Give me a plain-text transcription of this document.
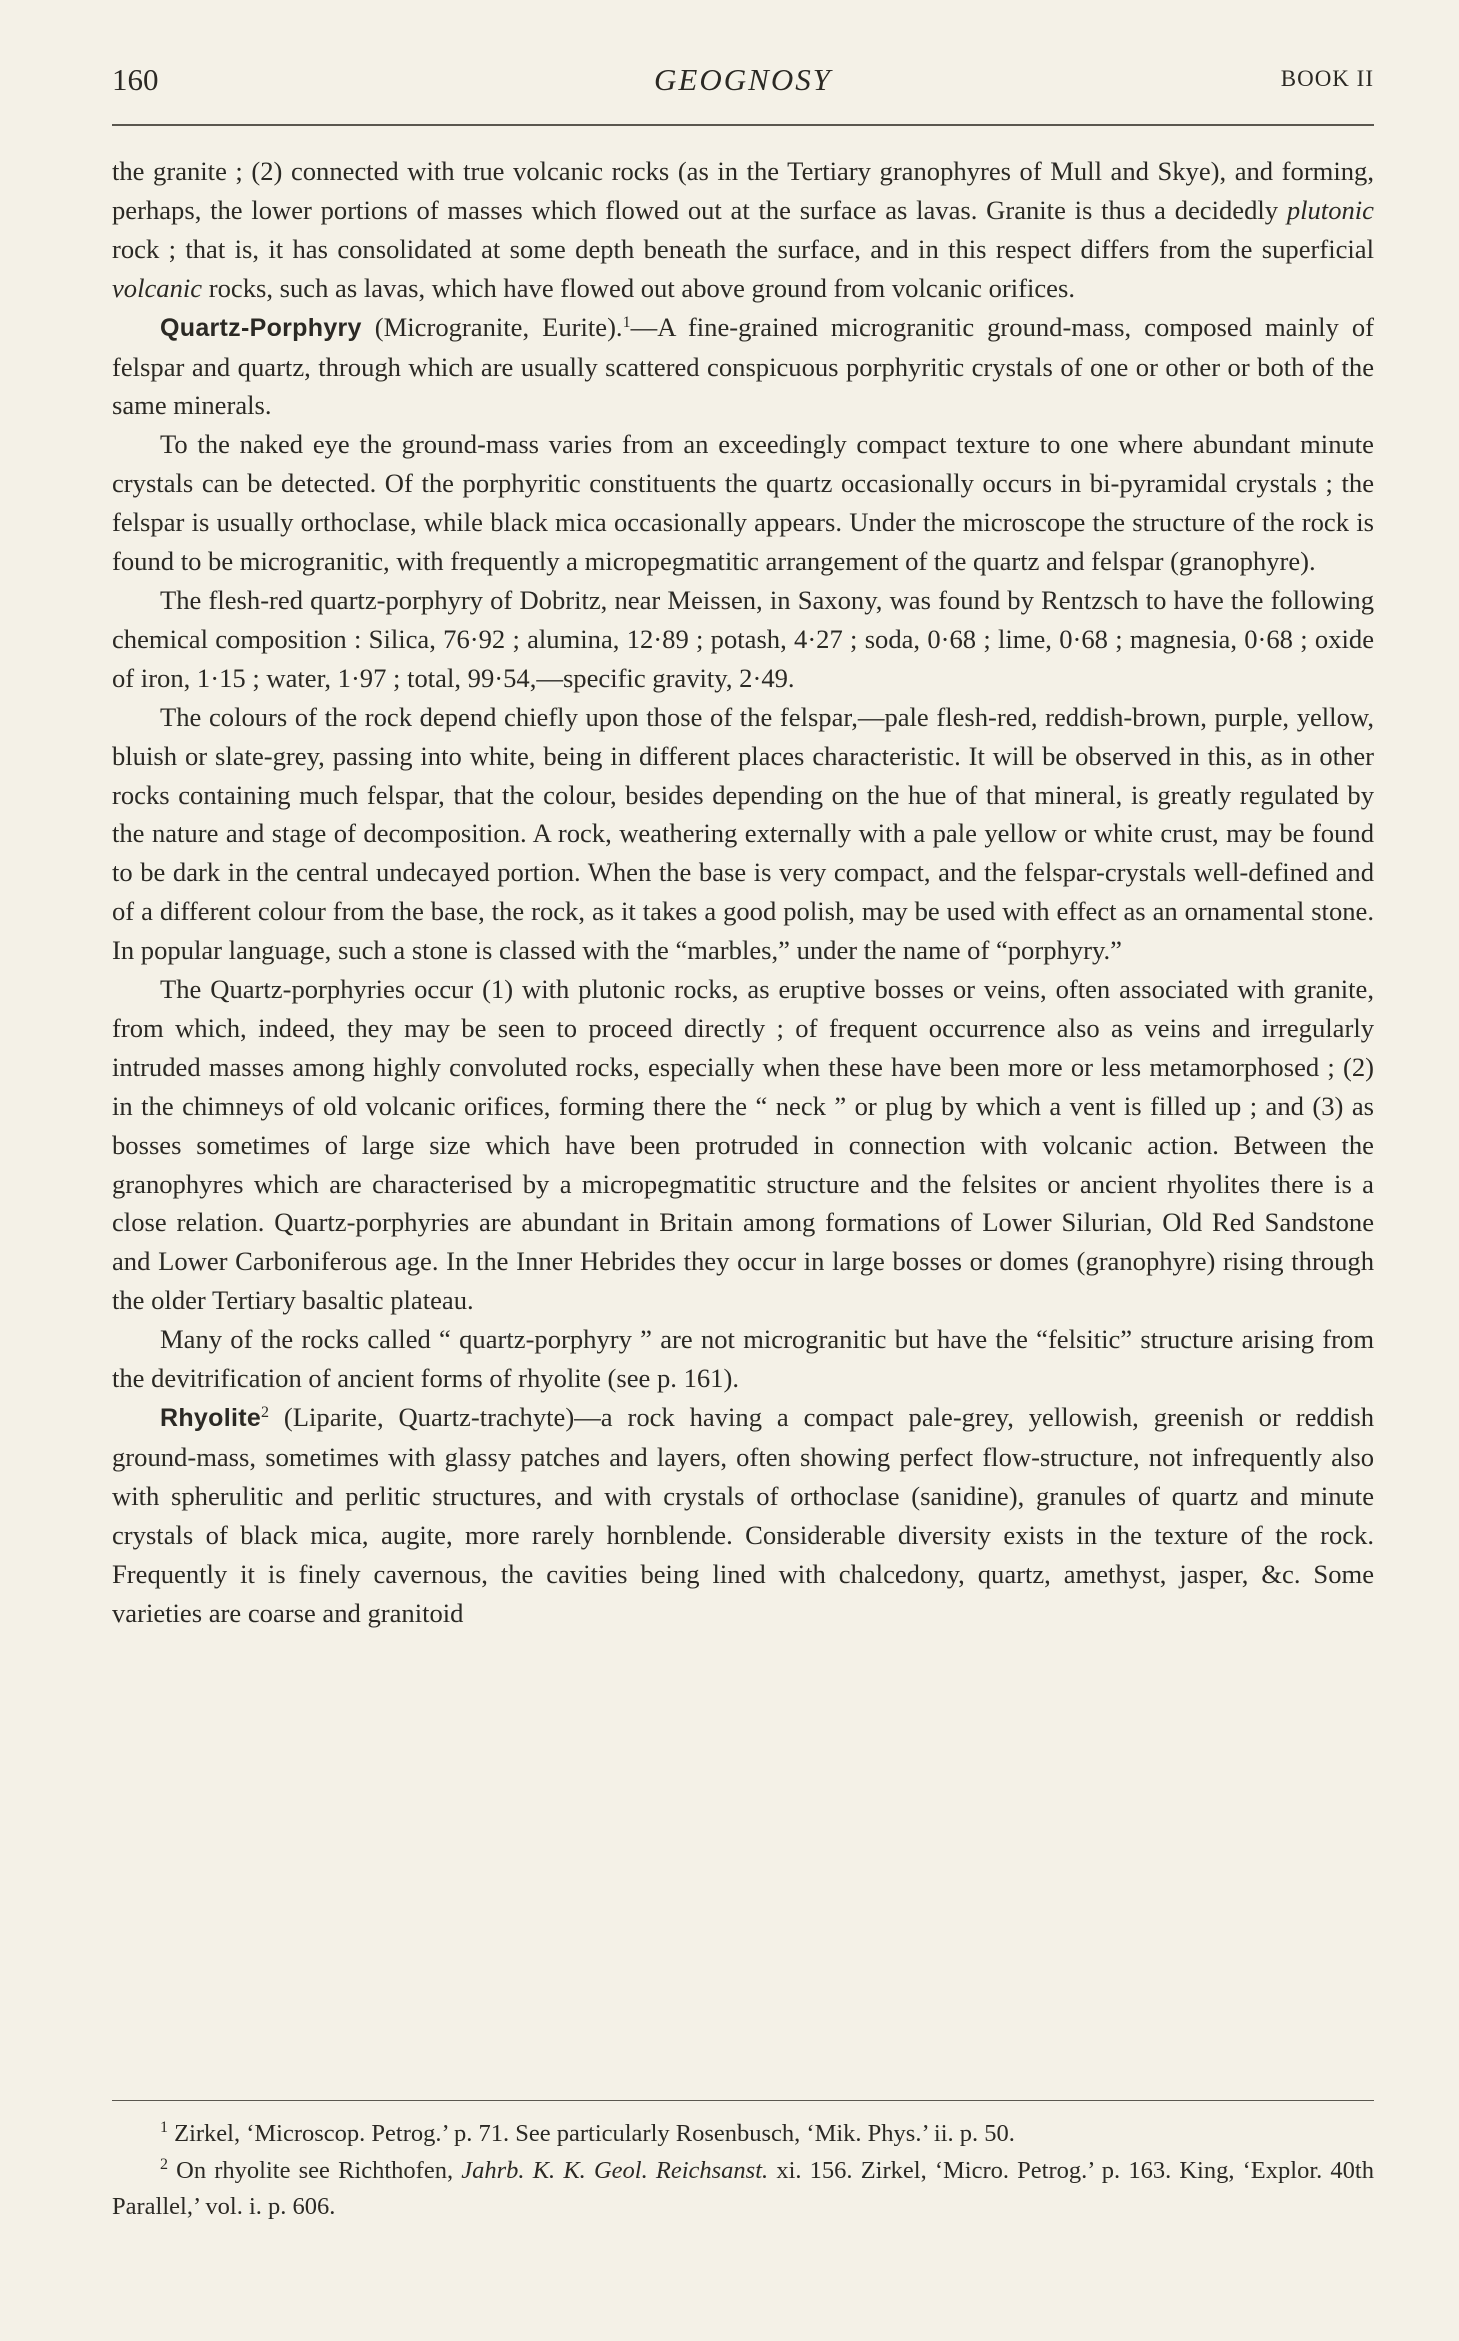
160	GEOGNOSY	BOOK II

the granite ; (2) connected with true volcanic rocks (as in the Tertiary granophyres of Mull and Skye), and forming, perhaps, the lower portions of masses which flowed out at the surface as lavas. Granite is thus a decidedly plutonic rock ; that is, it has consolidated at some depth beneath the surface, and in this respect differs from the superficial volcanic rocks, such as lavas, which have flowed out above ground from volcanic orifices.

Quartz-Porphyry (Microgranite, Eurite).$^1$—A fine-grained microgranitic ground-mass, composed mainly of felspar and quartz, through which are usually scattered conspicuous porphyritic crystals of one or other or both of the same minerals.

To the naked eye the ground-mass varies from an exceedingly compact texture to one where abundant minute crystals can be detected. Of the porphyritic constituents the quartz occasionally occurs in bi-pyramidal crystals ; the felspar is usually orthoclase, while black mica occasionally appears. Under the microscope the structure of the rock is found to be microgranitic, with frequently a micropegmatitic arrangement of the quartz and felspar (granophyre).

The flesh-red quartz-porphyry of Dobritz, near Meissen, in Saxony, was found by Rentzsch to have the following chemical composition : Silica, 76·92 ; alumina, 12·89 ; potash, 4·27 ; soda, 0·68 ; lime, 0·68 ; magnesia, 0·68 ; oxide of iron, 1·15 ; water, 1·97 ; total, 99·54,—specific gravity, 2·49.

The colours of the rock depend chiefly upon those of the felspar,—pale flesh-red, reddish-brown, purple, yellow, bluish or slate-grey, passing into white, being in different places characteristic. It will be observed in this, as in other rocks containing much felspar, that the colour, besides depending on the hue of that mineral, is greatly regulated by the nature and stage of decomposition. A rock, weathering externally with a pale yellow or white crust, may be found to be dark in the central undecayed portion. When the base is very compact, and the felspar-crystals well-defined and of a different colour from the base, the rock, as it takes a good polish, may be used with effect as an ornamental stone. In popular language, such a stone is classed with the “marbles,” under the name of “porphyry.”

The Quartz-porphyries occur (1) with plutonic rocks, as eruptive bosses or veins, often associated with granite, from which, indeed, they may be seen to proceed directly ; of frequent occurrence also as veins and irregularly intruded masses among highly convoluted rocks, especially when these have been more or less metamorphosed ; (2) in the chimneys of old volcanic orifices, forming there the “ neck ” or plug by which a vent is filled up ; and (3) as bosses sometimes of large size which have been protruded in connection with volcanic action. Between the granophyres which are characterised by a micropegmatitic structure and the felsites or ancient rhyolites there is a close relation. Quartz-porphyries are abundant in Britain among formations of Lower Silurian, Old Red Sandstone and Lower Carboniferous age. In the Inner Hebrides they occur in large bosses or domes (granophyre) rising through the older Tertiary basaltic plateau.

Many of the rocks called “ quartz-porphyry ” are not microgranitic but have the “felsitic” structure arising from the devitrification of ancient forms of rhyolite (see p. 161).

Rhyolite$^2$ (Liparite, Quartz-trachyte)—a rock having a compact pale-grey, yellowish, greenish or reddish ground-mass, sometimes with glassy patches and layers, often showing perfect flow-structure, not infrequently also with spherulitic and perlitic structures, and with crystals of orthoclase (sanidine), granules of quartz and minute crystals of black mica, augite, more rarely hornblende. Considerable diversity exists in the texture of the rock. Frequently it is finely cavernous, the cavities being lined with chalcedony, quartz, amethyst, jasper, &c. Some varieties are coarse and granitoid

$^1$ Zirkel, ‘Microscop. Petrog.’ p. 71. See particularly Rosenbusch, ‘Mik. Phys.’ ii. p. 50.

$^2$ On rhyolite see Richthofen, Jahrb. K. K. Geol. Reichsanst. xi. 156. Zirkel, ‘Micro. Petrog.’ p. 163. King, ‘Explor. 40th Parallel,’ vol. i. p. 606.
